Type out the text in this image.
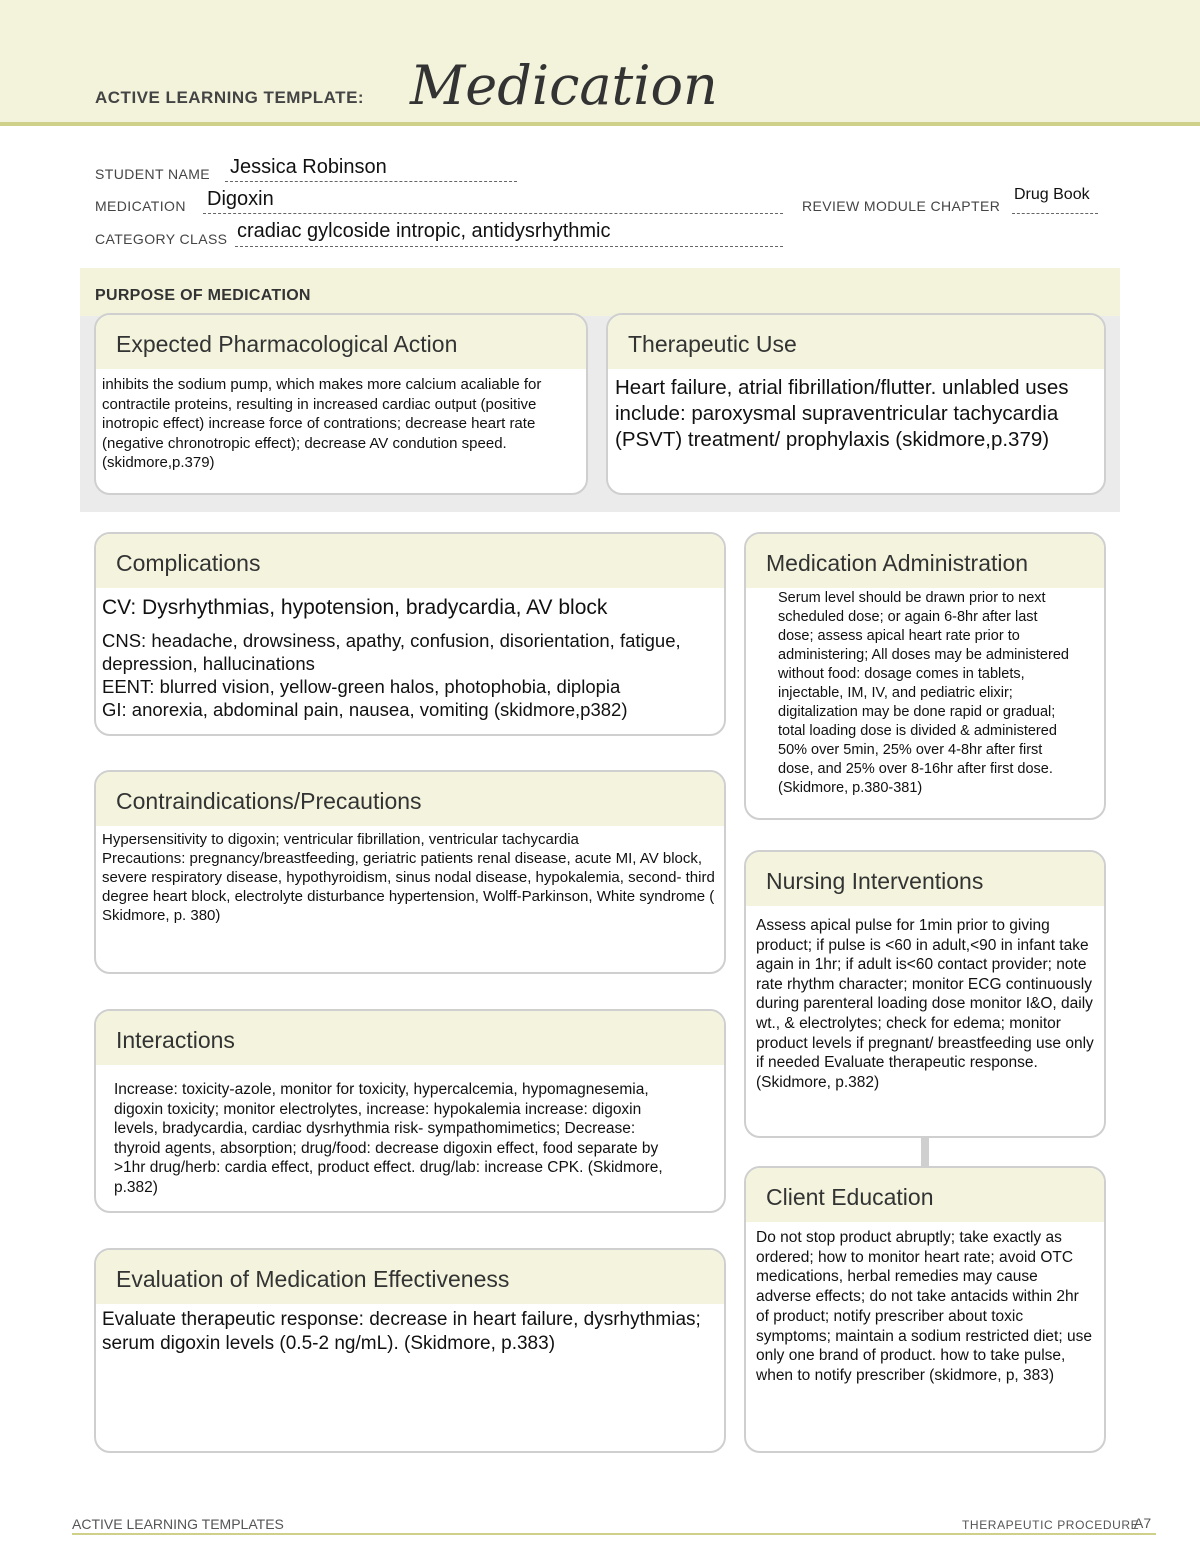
ACTIVE LEARNING TEMPLATE: Medication
STUDENT NAME Jessica Robinson
MEDICATION Digoxin	REVIEW MODULE CHAPTER
Drug Book
CATEGORY CLASS cradiac gylcoside intropic, antidysrhythmic
PURPOSE OF MEDICATION
Expected Pharmacological Action
inhibits the sodium pump, which makes more calcium acaliable for contractile proteins, resulting in increased cardiac output (positive inotropic effect) increase force of contrations; decrease heart rate (negative chronotropic effect); decrease AV condution speed. (skidmore,p.379)
Therapeutic Use
Heart failure, atrial fibrillation/flutter. unlabled uses include: paroxysmal supraventricular tachycardia (PSVT) treatment/ prophylaxis (skidmore,p.379)
Complications
CV: Dysrhythmias, hypotension, bradycardia, AV block
CNS: headache, drowsiness, apathy, confusion, disorientation, fatigue, depression, hallucinations
EENT: blurred vision, yellow-green halos, photophobia, diplopia
GI: anorexia, abdominal pain, nausea, vomiting (skidmore,p382)
Medication Administration
Serum level should be drawn prior to next scheduled dose; or again 6-8hr after last dose; assess apical heart rate prior to administering; All doses may be administered without food: dosage comes in tablets, injectable, IM, IV, and pediatric elixir; digitalization may be done rapid or gradual; total loading dose is divided & administered 50% over 5min, 25% over 4-8hr after first dose, and 25% over 8-16hr after first dose. (Skidmore, p.380-381)
Contraindications/Precautions
Hypersensitivity to digoxin; ventricular fibrillation, ventricular tachycardia
Precautions: pregnancy/breastfeeding, geriatric patients renal disease, acute MI, AV block, severe respiratory disease, hypothyroidism, sinus nodal disease, hypokalemia, second- third degree heart block, electrolyte disturbance hypertension, Wolff-Parkinson, White syndrome ( Skidmore, p. 380)
Nursing Interventions
Assess apical pulse for 1min prior to giving product; if pulse is <60 in adult,<90 in infant take again in 1hr; if adult is<60 contact provider; note rate rhythm character; monitor ECG continuously during parenteral loading dose monitor I&O, daily wt., & electrolytes; check for edema; monitor product levels if pregnant/ breastfeeding use only if needed Evaluate therapeutic response. (Skidmore, p.382)
Interactions
Increase: toxicity-azole, monitor for toxicity, hypercalcemia, hypomagnesemia, digoxin toxicity; monitor electrolytes, increase: hypokalemia increase: digoxin levels, bradycardia, cardiac dysrhythmia risk- sympathomimetics; Decrease: thyroid agents, absorption; drug/food: decrease digoxin effect, food separate by >1hr drug/herb: cardia effect, product effect. drug/lab: increase CPK. (Skidmore, p.382)	Client Education
Do not stop product abruptly; take exactly as ordered; how to monitor heart rate; avoid OTC medications, herbal remedies may cause adverse effects; do not take antacids within 2hr of product; notify prescriber about toxic symptoms; maintain a sodium restricted diet; use only one brand of product. how to take pulse, when to notify prescriber (skidmore, p, 383)
Evaluation of Medication Effectiveness
Evaluate therapeutic response: decrease in heart failure, dysrhythmias; serum digoxin levels (0.5-2 ng/mL). (Skidmore, p.383)
ACTIVE LEARNING TEMPLATES	THERAPEUTIC PROCEDURE
A7
